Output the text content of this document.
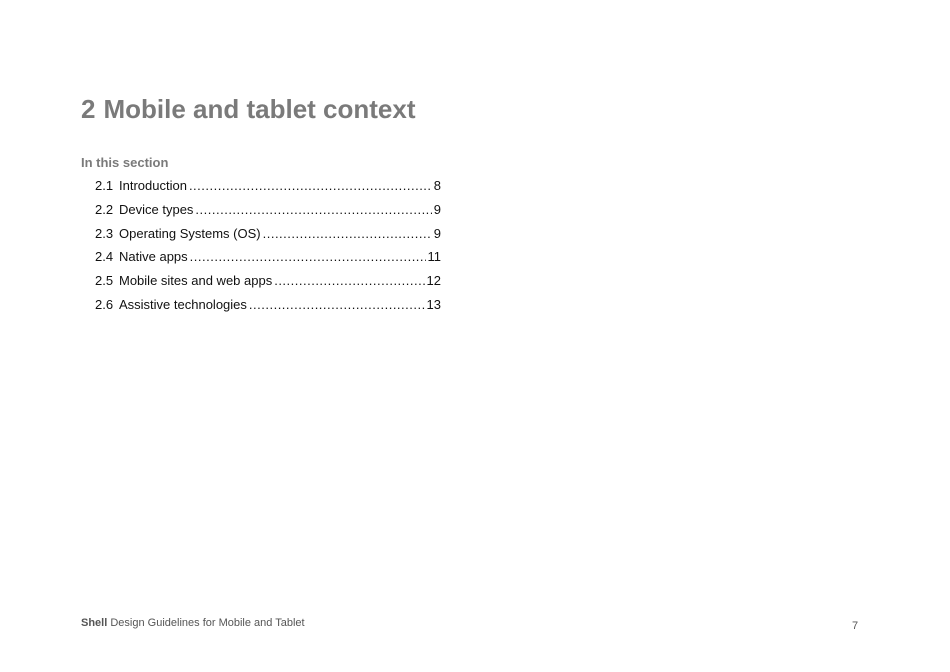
2 Mobile and tablet context
In this section
2.1 Introduction .....	8
2.2 Device types .....	9
2.3 Operating Systems (OS) .....	9
2.4 Native apps .....	11
2.5 Mobile sites and web apps .....	12
2.6 Assistive technologies .....	13
Shell Design Guidelines for Mobile and Tablet	7
